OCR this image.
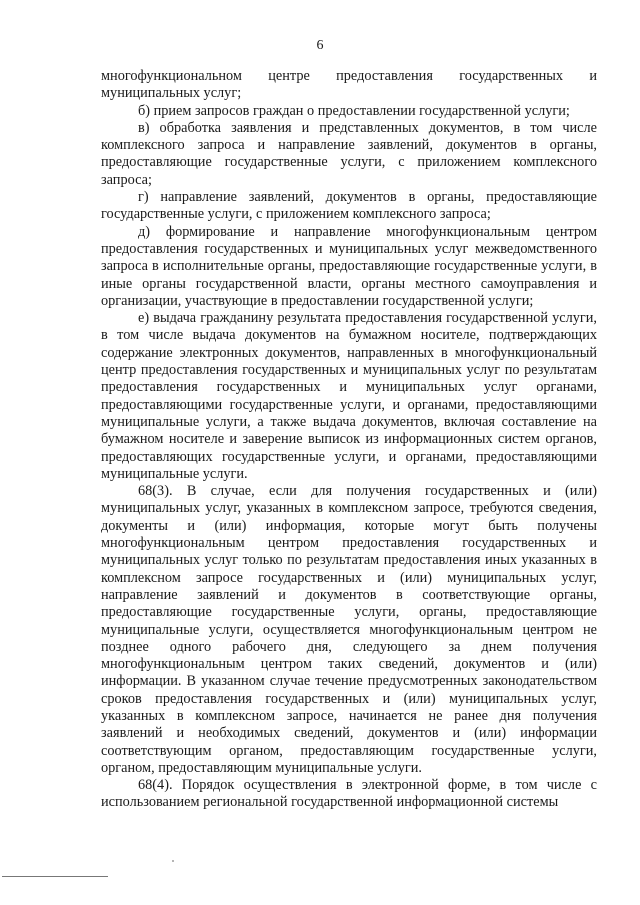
6

многофункциональном центре предоставления государственных и муниципальных услуг;

б) прием запросов граждан о предоставлении государственной услуги;

в) обработка заявления и представленных документов, в том числе комплексного запроса и направление заявлений, документов в органы, предоставляющие государственные услуги, с приложением комплексного запроса;

г) направление заявлений, документов в органы, предоставляющие государственные услуги, с приложением комплексного запроса;

д) формирование и направление многофункциональным центром предоставления государственных и муниципальных услуг межведомственного запроса в исполнительные органы, предоставляющие государственные услуги, в иные органы государственной власти, органы местного самоуправления и организации, участвующие в предоставлении государственной услуги;

е) выдача гражданину результата предоставления государственной услуги, в том числе выдача документов на бумажном носителе, подтверждающих содержание электронных документов, направленных в многофункциональный центр предоставления государственных и муниципальных услуг по результатам предоставления государственных и муниципальных услуг органами, предоставляющими государственные услуги, и органами, предоставляющими муниципальные услуги, а также выдача документов, включая составление на бумажном носителе и заверение выписок из информационных систем органов, предоставляющих государственные услуги, и органами, предоставляющими муниципальные услуги.

68(3). В случае, если для получения государственных и (или) муниципальных услуг, указанных в комплексном запросе, требуются сведения, документы и (или) информация, которые могут быть получены многофункциональным центром предоставления государственных и муниципальных услуг только по результатам предоставления иных указанных в комплексном запросе государственных и (или) муниципальных услуг, направление заявлений и документов в соответствующие органы, предоставляющие государственные услуги, органы, предоставляющие муниципальные услуги, осуществляется многофункциональным центром не позднее одного рабочего дня, следующего за днем получения многофункциональным центром таких сведений, документов и (или) информации. В указанном случае течение предусмотренных законодательством сроков предоставления государственных и (или) муниципальных услуг, указанных в комплексном запросе, начинается не ранее дня получения заявлений и необходимых сведений, документов и (или) информации соответствующим органом, предоставляющим государственные услуги, органом, предоставляющим муниципальные услуги.

68(4). Порядок осуществления в электронной форме, в том числе с использованием региональной государственной информационной системы
